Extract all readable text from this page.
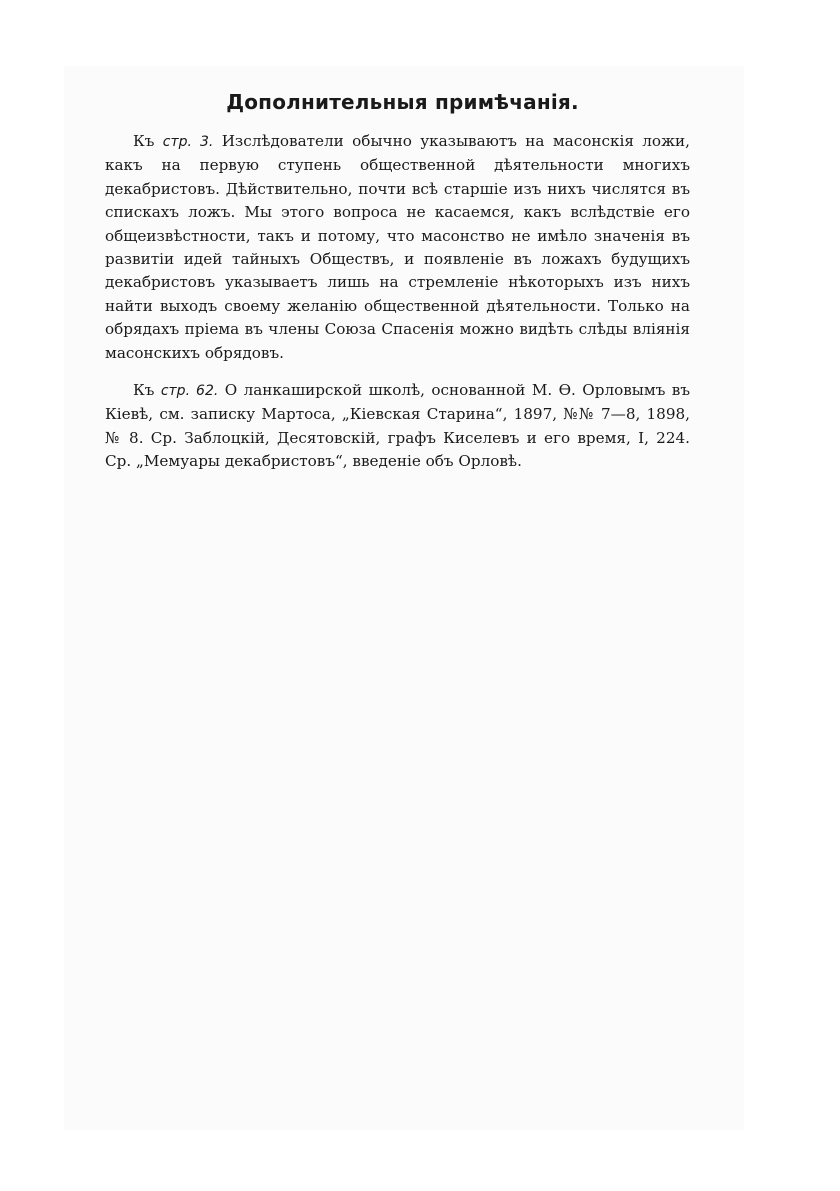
Дополнительныя примѣчанія.

Къ стр. 3. Изслѣдователи обычно указываютъ на масонскія ложи, какъ на первую ступень общественной дѣятельности многихъ декабристовъ. Дѣйствительно, почти всѣ старшіе изъ нихъ числятся въ спискахъ ложъ. Мы этого вопроса не касаемся, какъ вслѣдствіе его общеизвѣстности, такъ и потому, что масонство не имѣло значенія въ развитіи идей тайныхъ Обществъ, и появленіе въ ложахъ будущихъ декабристовъ указываетъ лишь на стремленіе нѣкоторыхъ изъ нихъ найти выходъ своему желанію общественной дѣятельности. Только на обрядахъ пріема въ члены Союза Спасенія можно видѣть слѣды вліянія масонскихъ обрядовъ.

Къ стр. 62. О ланкаширской школѣ, основанной М. Ѳ. Орловымъ въ Кіевѣ, см. записку Мартоса, „Кіевская Старина“, 1897, №№ 7—8, 1898, № 8. Ср. Заблоцкій, Десятовскій, графъ Киселевъ и его время, I, 224. Ср. „Мемуары декабристовъ“, введеніе объ Орловѣ.
